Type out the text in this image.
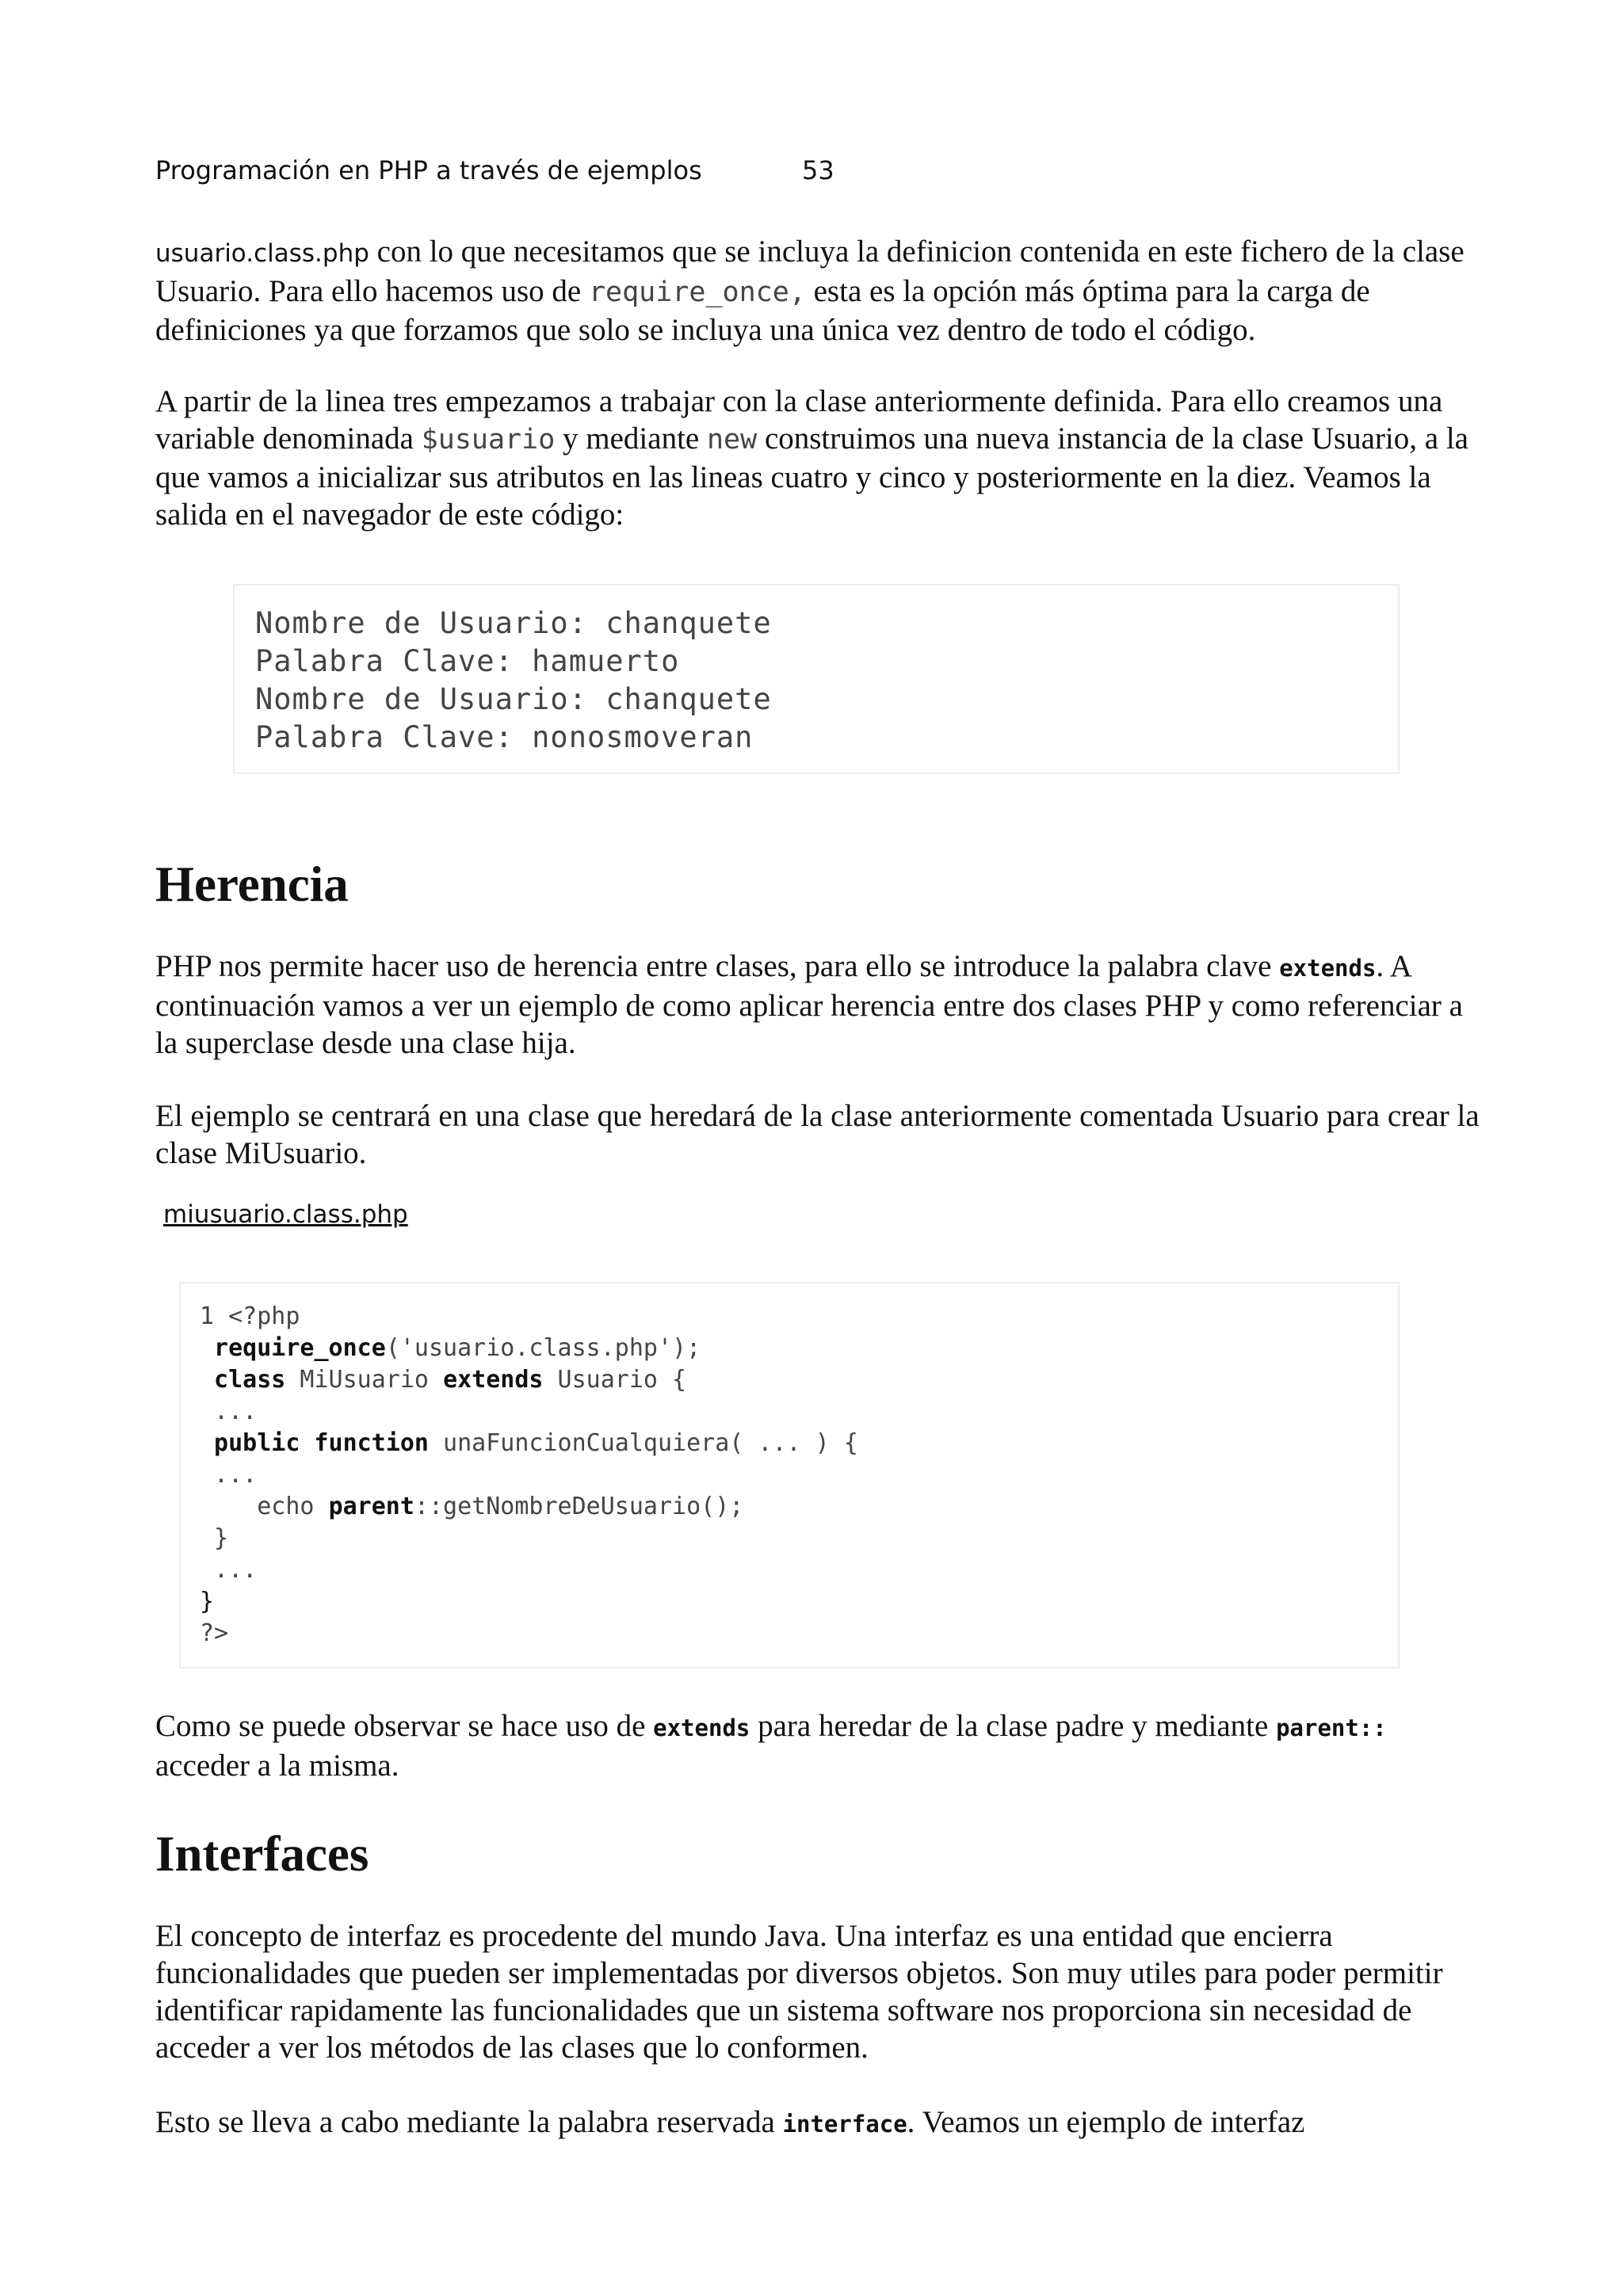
Programación en PHP a través de ejemplos	53

usuario.class.php con lo que necesitamos que se incluya la definicion contenida en este fichero de la clase Usuario. Para ello hacemos uso de require_once, esta es la opción más óptima para la carga de definiciones ya que forzamos que solo se incluya una única vez dentro de todo el código.

A partir de la linea tres empezamos a trabajar con la clase anteriormente definida. Para ello creamos una variable denominada $usuario y mediante new construimos una nueva instancia de la clase Usuario, a la que vamos a inicializar sus atributos en las lineas cuatro y cinco y posteriormente en la diez. Veamos la salida en el navegador de este código:

Nombre de Usuario: chanquete
Palabra Clave: hamuerto
Nombre de Usuario: chanquete
Palabra Clave: nonosmoveran
Herencia

PHP nos permite hacer uso de herencia entre clases, para ello se introduce la palabra clave extends. A continuación vamos a ver un ejemplo de como aplicar herencia entre dos clases PHP y como referenciar a la superclase desde una clase hija.

El ejemplo se centrará en una clase que heredará de la clase anteriormente comentada Usuario para crear la clase MiUsuario.

miusuario.class.php
1 <?php
require_once('usuario.class.php');
class MiUsuario extends Usuario {
...
public function unaFuncionCualquiera( ... ) {
...
echo parent::getNombreDeUsuario();
}
...
}
?>

Como se puede observar se hace uso de extends para heredar de la clase padre y mediante parent:: acceder a la misma.

Interfaces

El concepto de interfaz es procedente del mundo Java. Una interfaz es una entidad que encierra funcionalidades que pueden ser implementadas por diversos objetos. Son muy utiles para poder permitir identificar rapidamente las funcionalidades que un sistema software nos proporciona sin necesidad de acceder a ver los métodos de las clases que lo conformen.

Esto se lleva a cabo mediante la palabra reservada interface. Veamos un ejemplo de interfaz
